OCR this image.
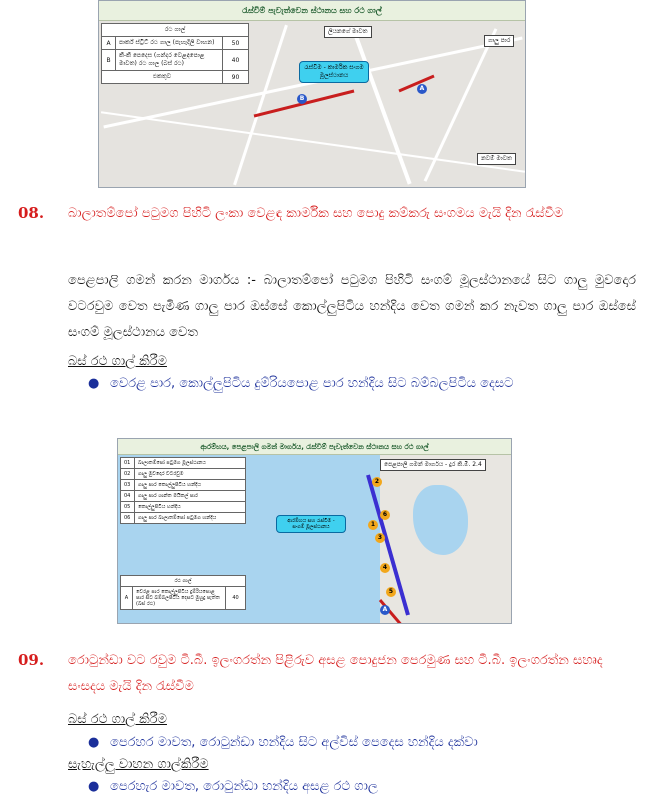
රැස්වීම් පැවැත්වෙන ස්ථානය සහ රථ ගාල්
රථ ගාල්		
A	පාර්ක් ස්ට්‍රීට් රථ ගාල (පැහැදිලි වාහන)	50
B	කී-කී පෙදෙස (ගන්දර වෙළඳපොළ මාවත) රථ ගාල (බස් රථ)	40
එකතුව		90
රැස්වීම - කාර්මික සංගම මූලස්ථානය
ලියනගේ මාවත
ගාලු පාර
නවම් මාවත
B
A
08. බාලාතම්පෝ පටුමග පිහිටි ලංකා වෙළඳ කාර්මික සහ පොදු කම්කරු සංගමය මැයි දින රැස්වීම
පෙළපාලි ගමන් කරන මාර්ගය :- බාලාතම්පෝ පටුමග පිහිටි සංගම් මූලස්ථානයේ සිට ගාලු මුවදොර වටරවුම වෙත පැමිණ ගාලු පාර ඔස්සේ කොල්ලුපිටිය හන්දිය වෙත ගමන් කර නැවත ගාලු පාර ඔස්සේ සංගම් මූලස්ථානය වෙත
බස් රථ ගාල් කිරීම
● වෙරළ පාර, කොල්ලුපිටිය දුම්රියපොළ පාර හන්දිය සිට බම්බලපිටිය දෙසට
ආරම්භය, පෙළපාලි ගමන් මාර්ගය, රැස්වීම් පැවැත්වෙන ස්ථානය සහ රථ ගාල්
01	බාලාතම්පෝ පටුමග මූලස්ථානය
02	ගාලු මුවදොර වටරවුම
03	ගාලු පාර කොල්ලුපිටිය හන්දිය
04	ගාලු පාර ශාන්ත මයිකල් පාර
05	කොල්ලුපිටිය හන්දිය
06	ගාලු පාර බාලාතම්පෝ පටුමග හන්දිය
රථ ගාල්
A	වෙරළ පාර කොල්ලුපිටිය දුම්රියපොළ පාර සිට බම්බලපිටිය දෙසට මුහුදු පැත්ත (බස් රථ)	40
පෙළපාලි ගමන් මාර්ගය - දුර කි.මී. 2.4
ආරම්භය සහ රැස්වීම - සංගම් මූලස්ථානය	1
2
3
4
5
6
A
09. රොටුන්ඩා වට රවුම ටී.බී. ඉලංගරත්න පිළිරුව අසළ පොදුජන පෙරමුණ සහ ටී.බී. ඉලංගරත්න සහෘද සංසදය මැයි දින රැස්වීම
බස් රථ ගාල් කිරීම
● පෙරහර මාවත, රොටුන්ඩා හන්දිය සිට අල්විස් පෙදෙස හන්දිය දක්වා
සැහැල්ලු වාහන ගාල්කිරීම
● පෙරහැර මාවත, රොටුන්ඩා හන්දිය අසළ රථ ගාල
